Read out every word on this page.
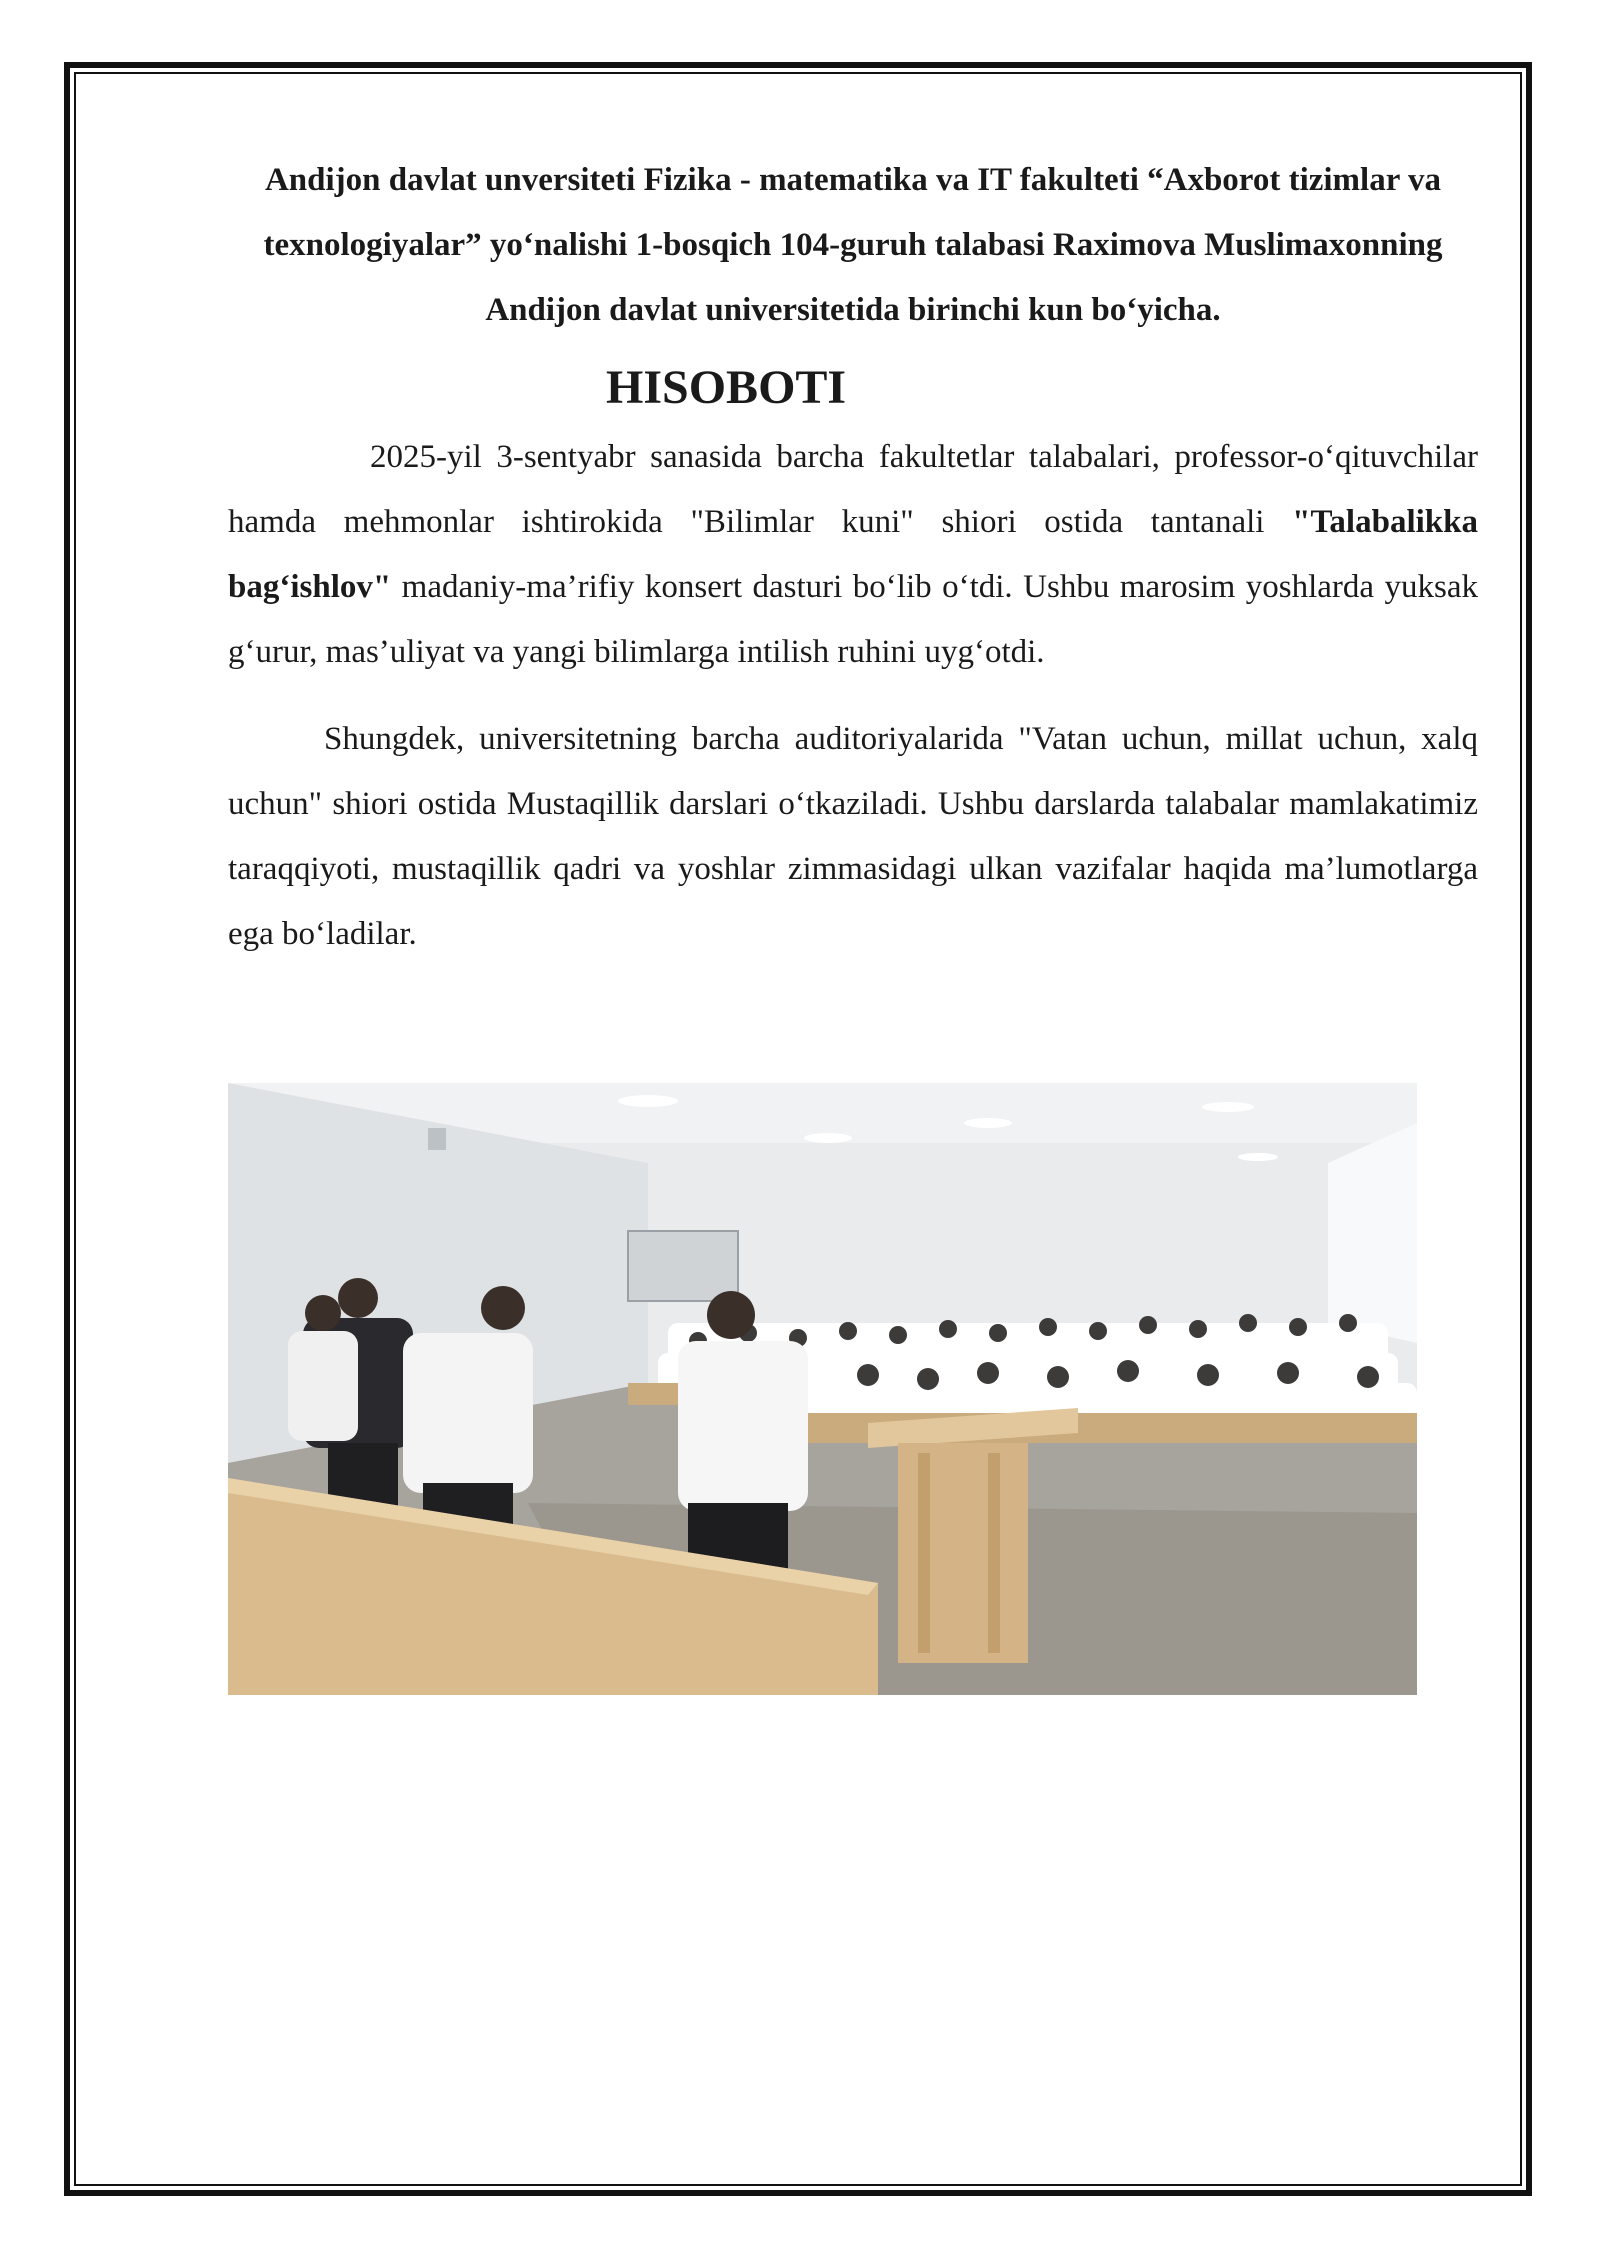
Andijon davlat unversiteti Fizika - matematika va IT fakulteti “Axborot tizimlar va texnologiyalar” yo‘nalishi 1-bosqich 104-guruh talabasi Raximova Muslimaxonning Andijon davlat universitetida birinchi kun bo‘yicha.

HISOBOTI

2025-yil 3-sentyabr sanasida barcha fakultetlar talabalari, professor-o‘qituvchilar hamda mehmonlar ishtirokida "Bilimlar kuni" shiori ostida tantanali "Talabalikka bag‘ishlov" madaniy-ma’rifiy konsert dasturi bo‘lib o‘tdi. Ushbu marosim yoshlarda yuksak g‘urur, mas’uliyat va yangi bilimlarga intilish ruhini uyg‘otdi.

Shungdek, universitetning barcha auditoriyalarida "Vatan uchun, millat uchun, xalq uchun" shiori ostida Mustaqillik darslari o‘tkaziladi. Ushbu darslarda talabalar mamlakatimiz taraqqiyoti, mustaqillik qadri va yoshlar zimmasidagi ulkan vazifalar haqida ma’lumotlarga ega bo‘ladilar.
